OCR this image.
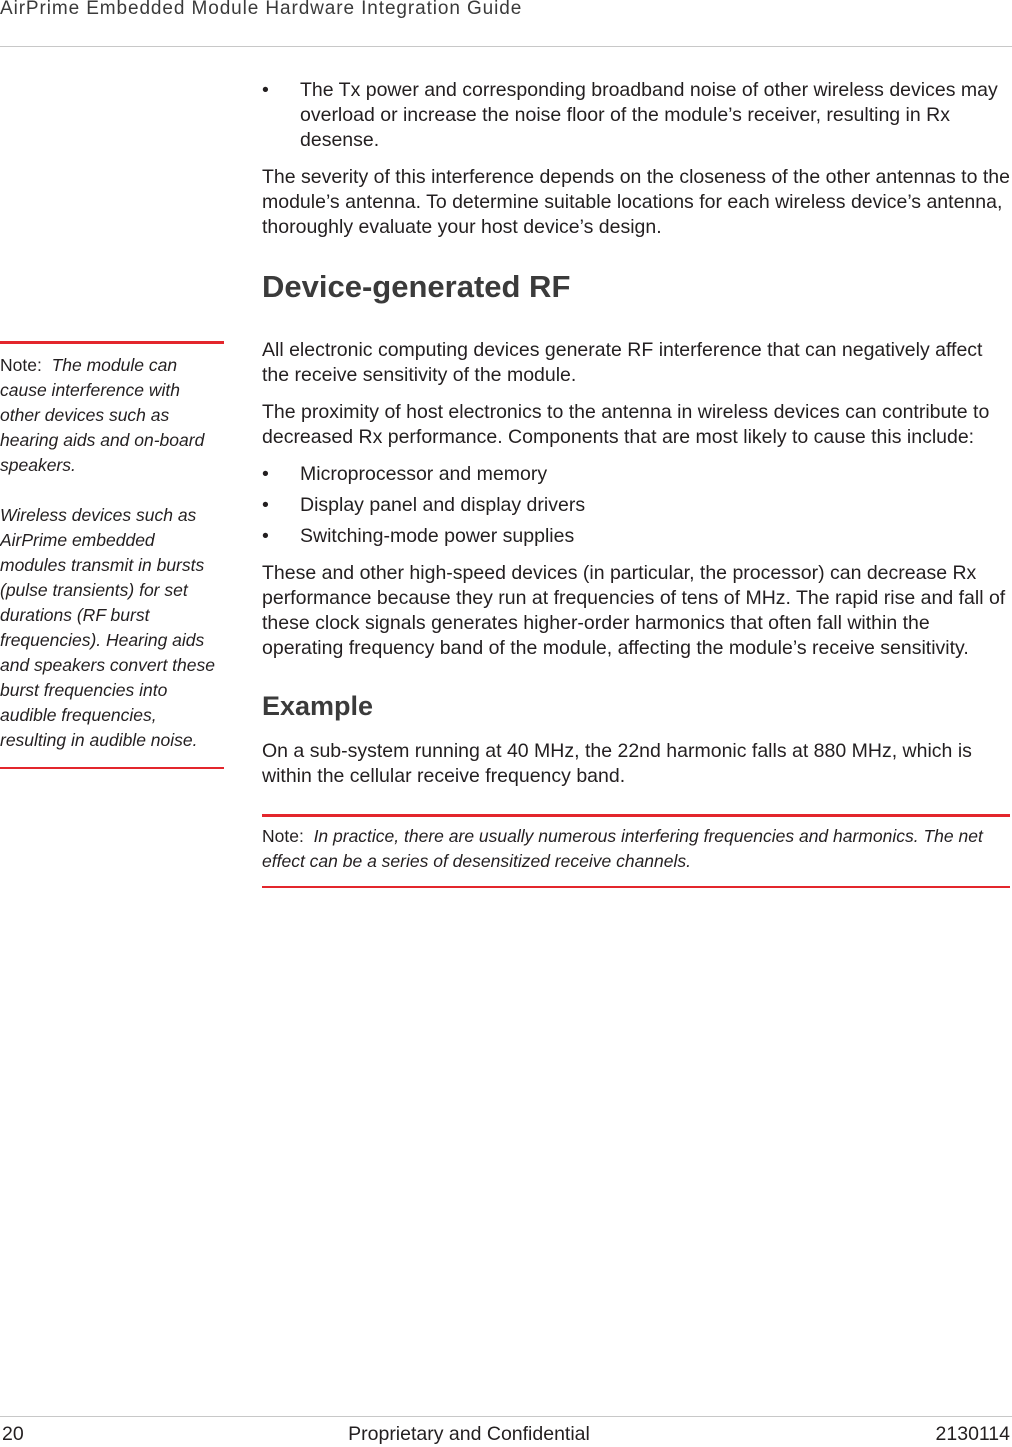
AirPrime Embedded Module Hardware Integration Guide

Note: The module can cause interference with other devices such as hearing aids and on-board speakers.

Wireless devices such as AirPrime embedded modules transmit in bursts (pulse transients) for set durations (RF burst frequencies). Hearing aids and speakers convert these burst frequencies into audible frequencies, resulting in audible noise.

• The Tx power and corresponding broadband noise of other wireless devices may overload or increase the noise floor of the module’s receiver, resulting in Rx desense.

The severity of this interference depends on the closeness of the other antennas to the module’s antenna. To determine suitable locations for each wireless device’s antenna, thoroughly evaluate your host device’s design.

Device-generated RF

All electronic computing devices generate RF interference that can negatively affect the receive sensitivity of the module.

The proximity of host electronics to the antenna in wireless devices can contribute to decreased Rx performance. Components that are most likely to cause this include:

• Microprocessor and memory
• Display panel and display drivers
• Switching-mode power supplies

These and other high-speed devices (in particular, the processor) can decrease Rx performance because they run at frequencies of tens of MHz. The rapid rise and fall of these clock signals generates higher-order harmonics that often fall within the operating frequency band of the module, affecting the module’s receive sensitivity.

Example

On a sub-system running at 40 MHz, the 22nd harmonic falls at 880 MHz, which is within the cellular receive frequency band.

Note: In practice, there are usually numerous interfering frequencies and harmonics. The net effect can be a series of desensitized receive channels.
20	Proprietary and Confidential	2130114
